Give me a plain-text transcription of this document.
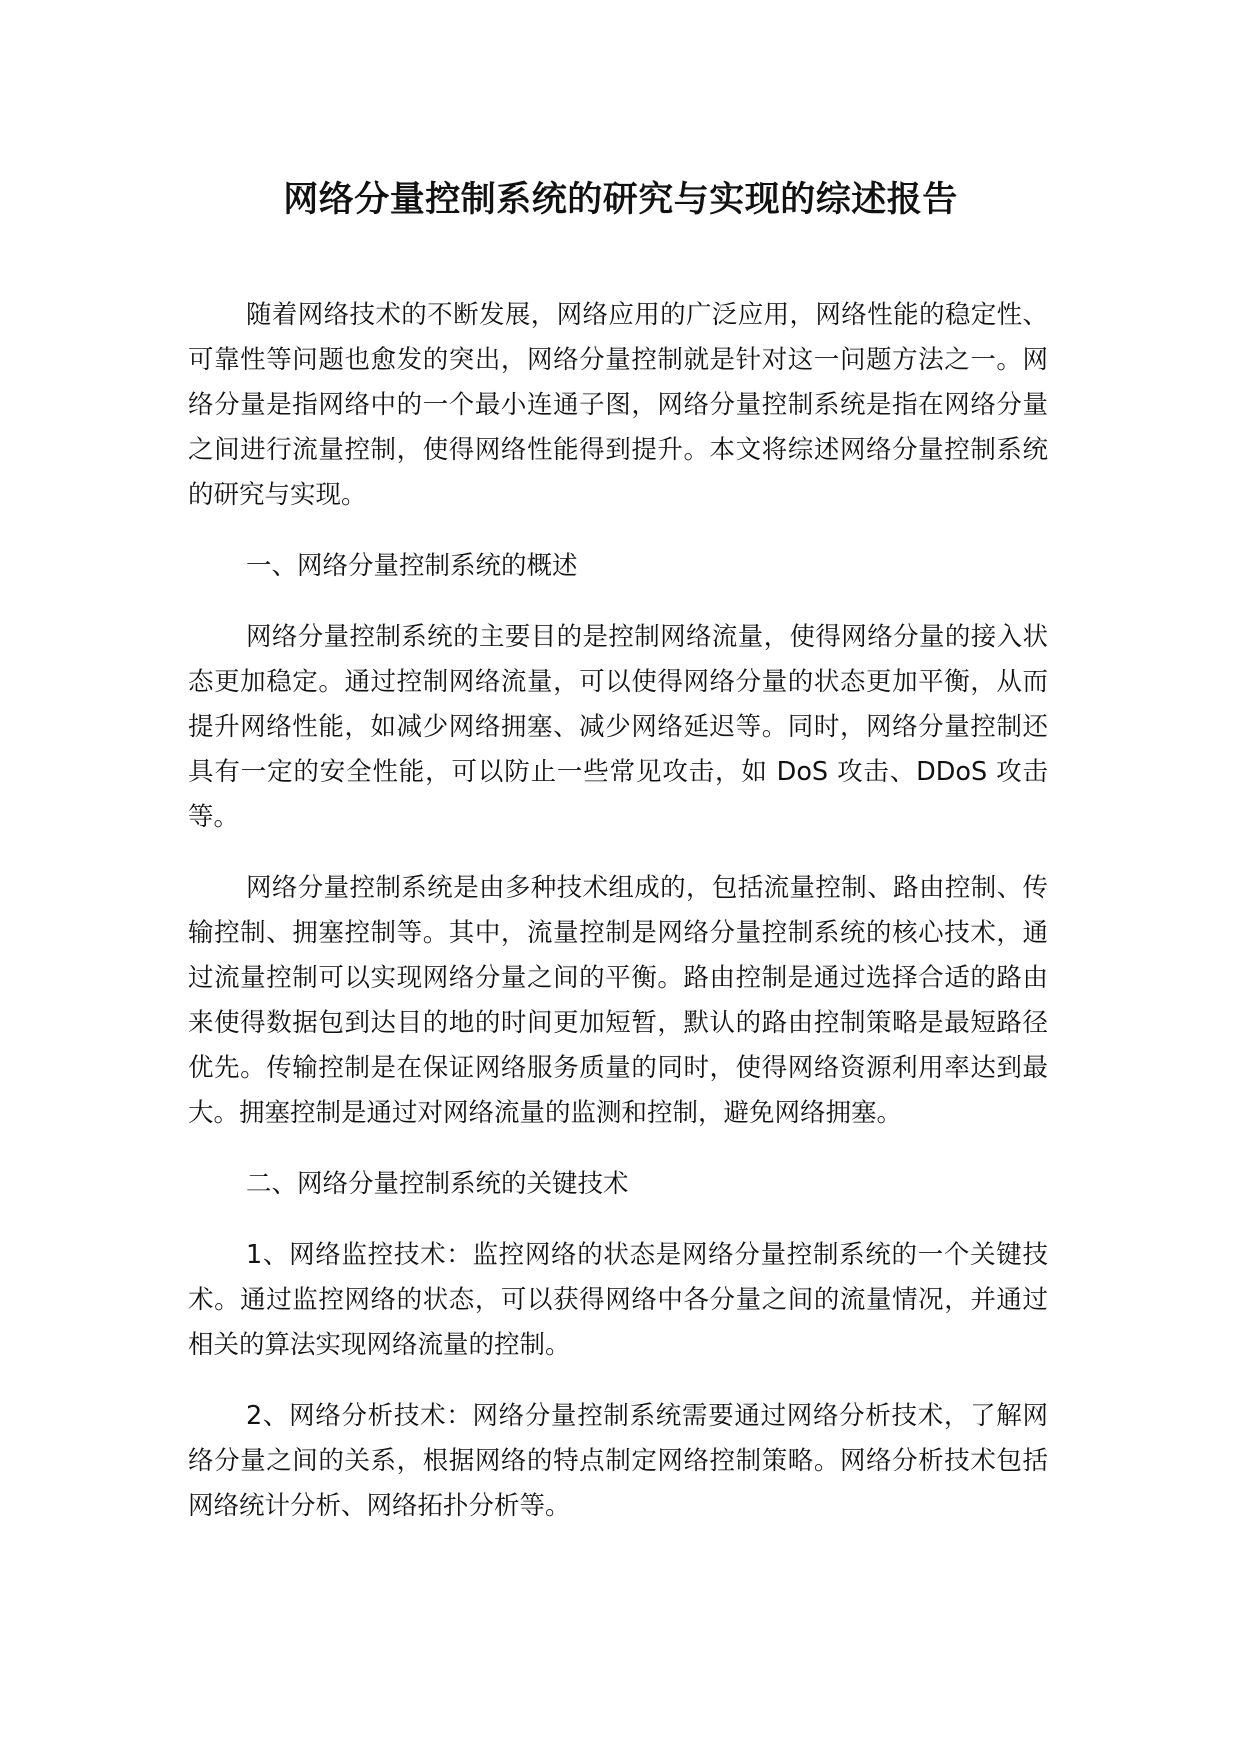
网络分量控制系统的研究与实现的综述报告

随着网络技术的不断发展，网络应用的广泛应用，网络性能的稳定性、可靠性等问题也愈发的突出，网络分量控制就是针对这一问题方法之一。网络分量是指网络中的一个最小连通子图，网络分量控制系统是指在网络分量之间进行流量控制，使得网络性能得到提升。本文将综述网络分量控制系统的研究与实现。

一、网络分量控制系统的概述

网络分量控制系统的主要目的是控制网络流量，使得网络分量的接入状态更加稳定。通过控制网络流量，可以使得网络分量的状态更加平衡，从而提升网络性能，如减少网络拥塞、减少网络延迟等。同时，网络分量控制还具有一定的安全性能，可以防止一些常见攻击，如 DoS 攻击、DDoS 攻击等。

网络分量控制系统是由多种技术组成的，包括流量控制、路由控制、传输控制、拥塞控制等。其中，流量控制是网络分量控制系统的核心技术，通过流量控制可以实现网络分量之间的平衡。路由控制是通过选择合适的路由来使得数据包到达目的地的时间更加短暂，默认的路由控制策略是最短路径优先。传输控制是在保证网络服务质量的同时，使得网络资源利用率达到最大。拥塞控制是通过对网络流量的监测和控制，避免网络拥塞。

二、网络分量控制系统的关键技术

1、网络监控技术：监控网络的状态是网络分量控制系统的一个关键技术。通过监控网络的状态，可以获得网络中各分量之间的流量情况，并通过相关的算法实现网络流量的控制。

2、网络分析技术：网络分量控制系统需要通过网络分析技术，了解网络分量之间的关系，根据网络的特点制定网络控制策略。网络分析技术包括网络统计分析、网络拓扑分析等。
